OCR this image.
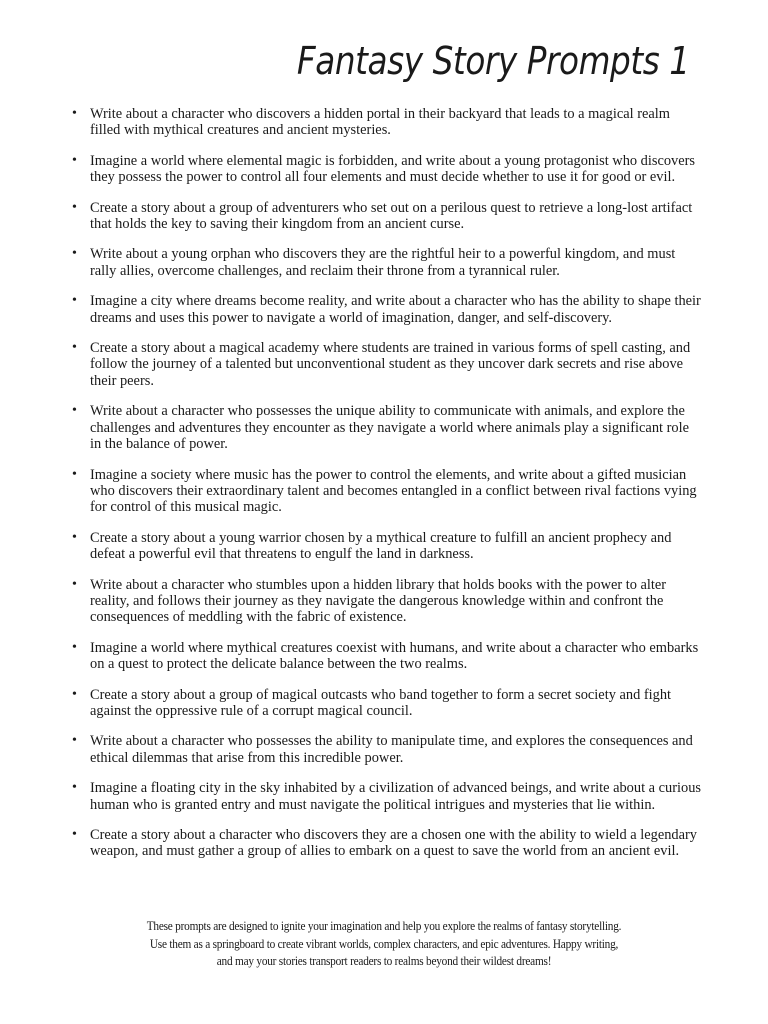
Fantasy Story Prompts 1
• Write about a character who discovers a hidden portal in their backyard that leads to a magical realm filled with mythical creatures and ancient mysteries.
• Imagine a world where elemental magic is forbidden, and write about a young protagonist who discovers they possess the power to control all four elements and must decide whether to use it for good or evil.
• Create a story about a group of adventurers who set out on a perilous quest to retrieve a long-lost artifact that holds the key to saving their kingdom from an ancient curse.
• Write about a young orphan who discovers they are the rightful heir to a powerful kingdom, and must rally allies, overcome challenges, and reclaim their throne from a tyrannical ruler.
• Imagine a city where dreams become reality, and write about a character who has the ability to shape their dreams and uses this power to navigate a world of imagination, danger, and self-discovery.
• Create a story about a magical academy where students are trained in various forms of spell casting, and follow the journey of a talented but unconventional student as they uncover dark secrets and rise above their peers.
• Write about a character who possesses the unique ability to communicate with animals, and explore the challenges and adventures they encounter as they navigate a world where animals play a significant role in the balance of power.
• Imagine a society where music has the power to control the elements, and write about a gifted musician who discovers their extraordinary talent and becomes entangled in a conflict between rival factions vying for control of this musical magic.
• Create a story about a young warrior chosen by a mythical creature to fulfill an ancient prophecy and defeat a powerful evil that threatens to engulf the land in darkness.
• Write about a character who stumbles upon a hidden library that holds books with the power to alter reality, and follows their journey as they navigate the dangerous knowledge within and confront the consequences of meddling with the fabric of existence.
• Imagine a world where mythical creatures coexist with humans, and write about a character who embarks on a quest to protect the delicate balance between the two realms.
• Create a story about a group of magical outcasts who band together to form a secret society and fight against the oppressive rule of a corrupt magical council.
• Write about a character who possesses the ability to manipulate time, and explores the consequences and ethical dilemmas that arise from this incredible power.
• Imagine a floating city in the sky inhabited by a civilization of advanced beings, and write about a curious human who is granted entry and must navigate the political intrigues and mysteries that lie within.
• Create a story about a character who discovers they are a chosen one with the ability to wield a legendary weapon, and must gather a group of allies to embark on a quest to save the world from an ancient evil.
These prompts are designed to ignite your imagination and help you explore the realms of fantasy storytelling.
Use them as a springboard to create vibrant worlds, complex characters, and epic adventures. Happy writing,
and may your stories transport readers to realms beyond their wildest dreams!
